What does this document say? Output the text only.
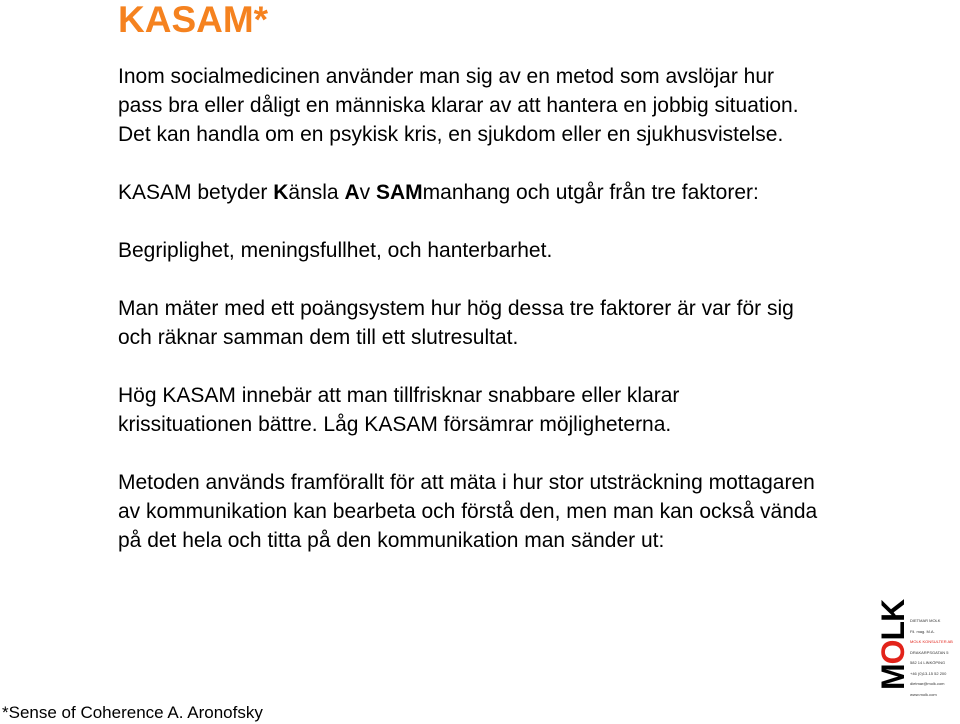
KASAM*

Inom socialmedicinen använder man sig av en metod som avslöjar hur pass bra eller dåligt en människa klarar av att hantera en jobbig situation. Det kan handla om en psykisk kris, en sjukdom eller en sjukhusvistelse.

KASAM betyder Känsla Av SAMmanhang och utgår från tre faktorer:

Begriplighet, meningsfullhet, och hanterbarhet.

Man mäter med ett poängsystem hur hög dessa tre faktorer är var för sig och räknar samman dem till ett slutresultat.

Hög KASAM innebär att man tillfrisknar snabbare eller klarar krissituationen bättre. Låg KASAM försämrar möjligheterna.

Metoden används framförallt för att mäta i hur stor utsträckning mottagaren av kommunikation kan bearbeta och förstå den, men man kan också vända på det hela och titta på den kommunikation man sänder ut:

*Sense of Coherence A. Aronofsky
MOLK DIETMAR MOLK
Fil. mag. M.A.
MOLK KONSULTER AB
DRAKARPSGATAN 5
582 14 LINKÖPING
+46 (0)13-15 52 200
dietmar@molk.com
www.molk.com
